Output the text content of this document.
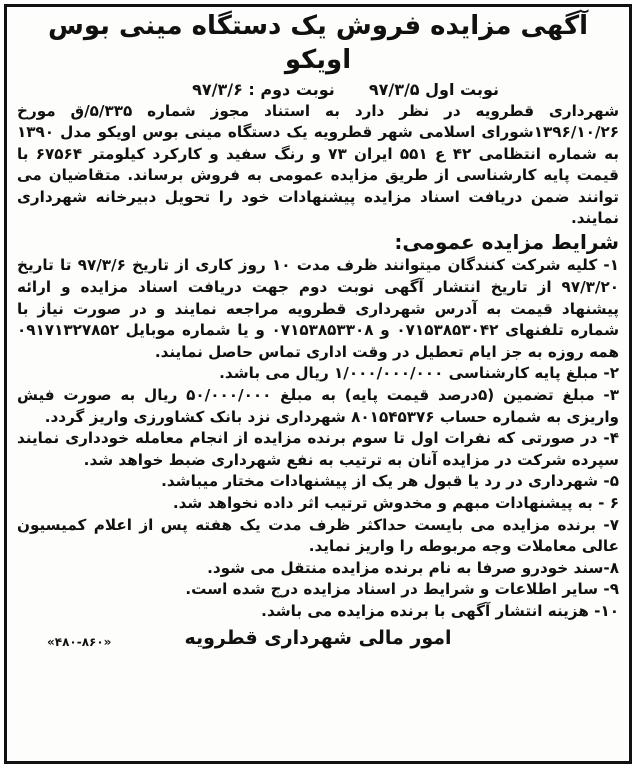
آگهی مزایده فروش یک دستگاه مینی بوس اویکو
نوبت اول ۹۷/۳/۵
نوبت دوم : ۹۷/۳/۶

شهرداری قطرویه در نظر دارد به استناد مجوز شماره ۵/۳۳۵/ق مورخ ۱۳۹۶/۱۰/۲۶شورای اسلامی شهر قطرویه یک دستگاه مینی بوس اویکو مدل ۱۳۹۰ به شماره انتظامی ۴۲ ع ۵۵۱ ایران ۷۳ و رنگ سفید و کارکرد کیلومتر ۶۷۵۶۴ با قیمت پایه کارشناسی از طریق مزایده عمومی به فروش برساند. متقاضیان می توانند ضمن دریافت اسناد مزایده پیشنهادات خود را تحویل دبیرخانه شهرداری نمایند.

شرایط مزایده عمومی:

۱- کلیه شرکت کنندگان میتوانند ظرف مدت ۱۰ روز کاری از تاریخ ۹۷/۳/۶ تا تاریخ ۹۷/۳/۲۰ از تاریخ انتشار آگهی نوبت دوم جهت دریافت اسناد مزایده و ارائه پیشنهاد قیمت به آدرس شهرداری قطرویه مراجعه نمایند و در صورت نیاز با شماره تلفنهای ۰۷۱۵۳۸۵۳۰۴۲ و ۰۷۱۵۳۸۵۳۳۰۸ و یا شماره موبایل ۰۹۱۷۱۳۲۷۸۵۲ همه روزه به جز ایام تعطیل در وقت اداری تماس حاصل نمایند.

۲- مبلغ پایه کارشناسی ۱/۰۰۰/۰۰۰/۰۰۰ ریال می باشد.

۳- مبلغ تضمین (۵درصد قیمت پایه) به مبلغ ۵۰/۰۰۰/۰۰۰ ریال به صورت فیش واریزی به شماره حساب ۸۰۱۵۴۵۳۷۶ شهرداری نزد بانک کشاورزی واریز گردد.

۴- در صورتی که نفرات اول تا سوم برنده مزایده از انجام معامله خودداری نمایند سپرده شرکت در مزایده آنان به ترتیب به نفع شهرداری ضبط خواهد شد.

۵- شهرداری در رد یا قبول هر یک از پیشنهادات مختار میباشد.

۶ - به پیشنهادات مبهم و مخدوش ترتیب اثر داده نخواهد شد.

۷- برنده مزایده می بایست حداکثر ظرف مدت یک هفته پس از اعلام کمیسیون عالی معاملات وجه مربوطه را واریز نماید.

۸-سند خودرو صرفا به نام برنده مزایده منتقل می شود.

۹- سایر اطلاعات و شرایط در اسناد مزایده درج شده است.

۱۰- هزینه انتشار آگهی با برنده مزایده می باشد.

امور مالی شهرداری قطرویه
«۴۸۰-۸۶۰»
